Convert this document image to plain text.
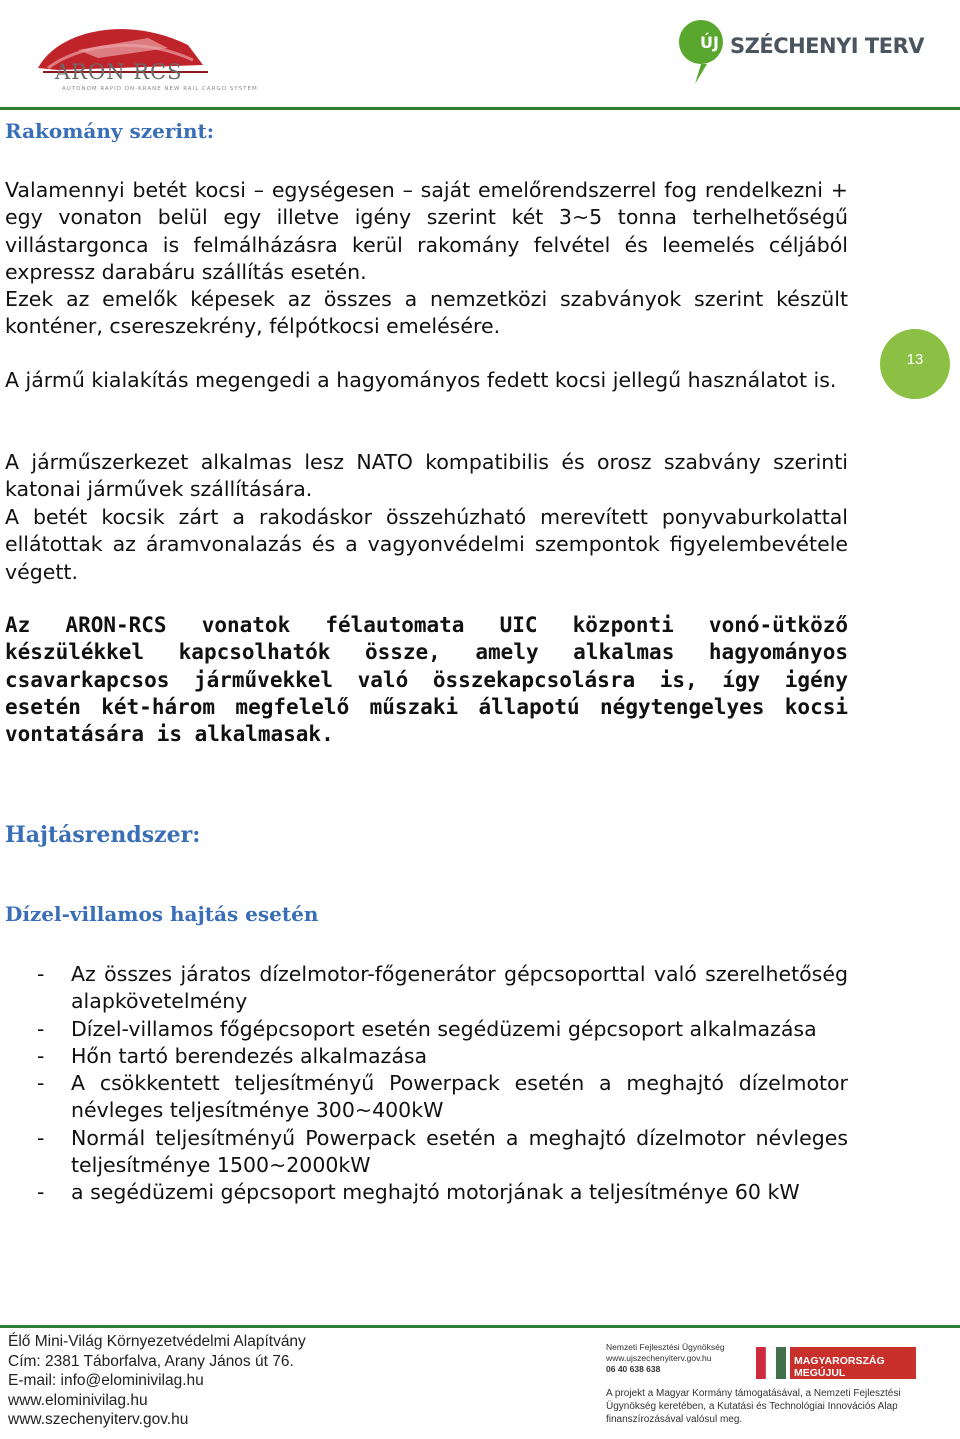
ARON RCS
AUTONOM RAPID ON-KRANE NEW RAIL CARGO SYSTEM
ÚJ SZÉCHENYI TERV
13
Rakomány szerint:

Valamennyi betét kocsi – egységesen – saját emelőrendszerrel fog rendelkezni + egy vonaton belül egy illetve igény szerint két 3~5 tonna terhelhetőségű villástargonca is felmálházásra kerül rakomány felvétel és leemelés céljából expressz darabáru szállítás esetén.

Ezek az emelők képesek az összes a nemzetközi szabványok szerint készült konténer, csereszekrény, félpótkocsi emelésére.

A jármű kialakítás megengedi a hagyományos fedett kocsi jellegű használatot is.

A járműszerkezet alkalmas lesz NATO kompatibilis és orosz szabvány szerinti katonai járművek szállítására.

A betét kocsik zárt a rakodáskor összehúzható merevített ponyvaburkolattal ellátottak az áramvonalazás és a vagyonvédelmi szempontok figyelembevétele végett.

Az ARON-RCS vonatok félautomata UIC központi vonó-ütköző készülékkel kapcsolhatók össze, amely alkalmas hagyományos csavarkapcsos járművekkel való összekapcsolásra is, így igény esetén két-három megfelelő műszaki állapotú négytengelyes kocsi vontatására is alkalmasak.

Hajtásrendszer:
Dízel-villamos hajtás esetén
- Az összes járatos dízelmotor-főgenerátor gépcsoporttal való szerelhetőség alapkövetelmény
- Dízel-villamos főgépcsoport esetén segédüzemi gépcsoport alkalmazása
- Hőn tartó berendezés alkalmazása
- A csökkentett teljesítményű Powerpack esetén a meghajtó dízelmotor névleges teljesítménye 300~400kW
- Normál teljesítményű Powerpack esetén a meghajtó dízelmotor névleges teljesítménye 1500~2000kW
- a segédüzemi gépcsoport meghajtó motorjának a teljesítménye 60 kW
Élő Mini-Világ Környezetvédelmi Alapítvány
Cím: 2381 Táborfalva, Arany János út 76.
E-mail: info@elominivilag.hu
www.elominivilag.hu
www.szechenyiterv.gov.hu
Nemzeti Fejlesztési Ügynökség
www.ujszechenyiterv.gov.hu
06 40 638 638
MAGYARORSZÁG MEGÚJUL
A projekt a Magyar Kormány támogatásával, a Nemzeti Fejlesztési Ügynökség keretében, a Kutatási és Technológiai Innovációs Alap finanszírozásával valósul meg.
